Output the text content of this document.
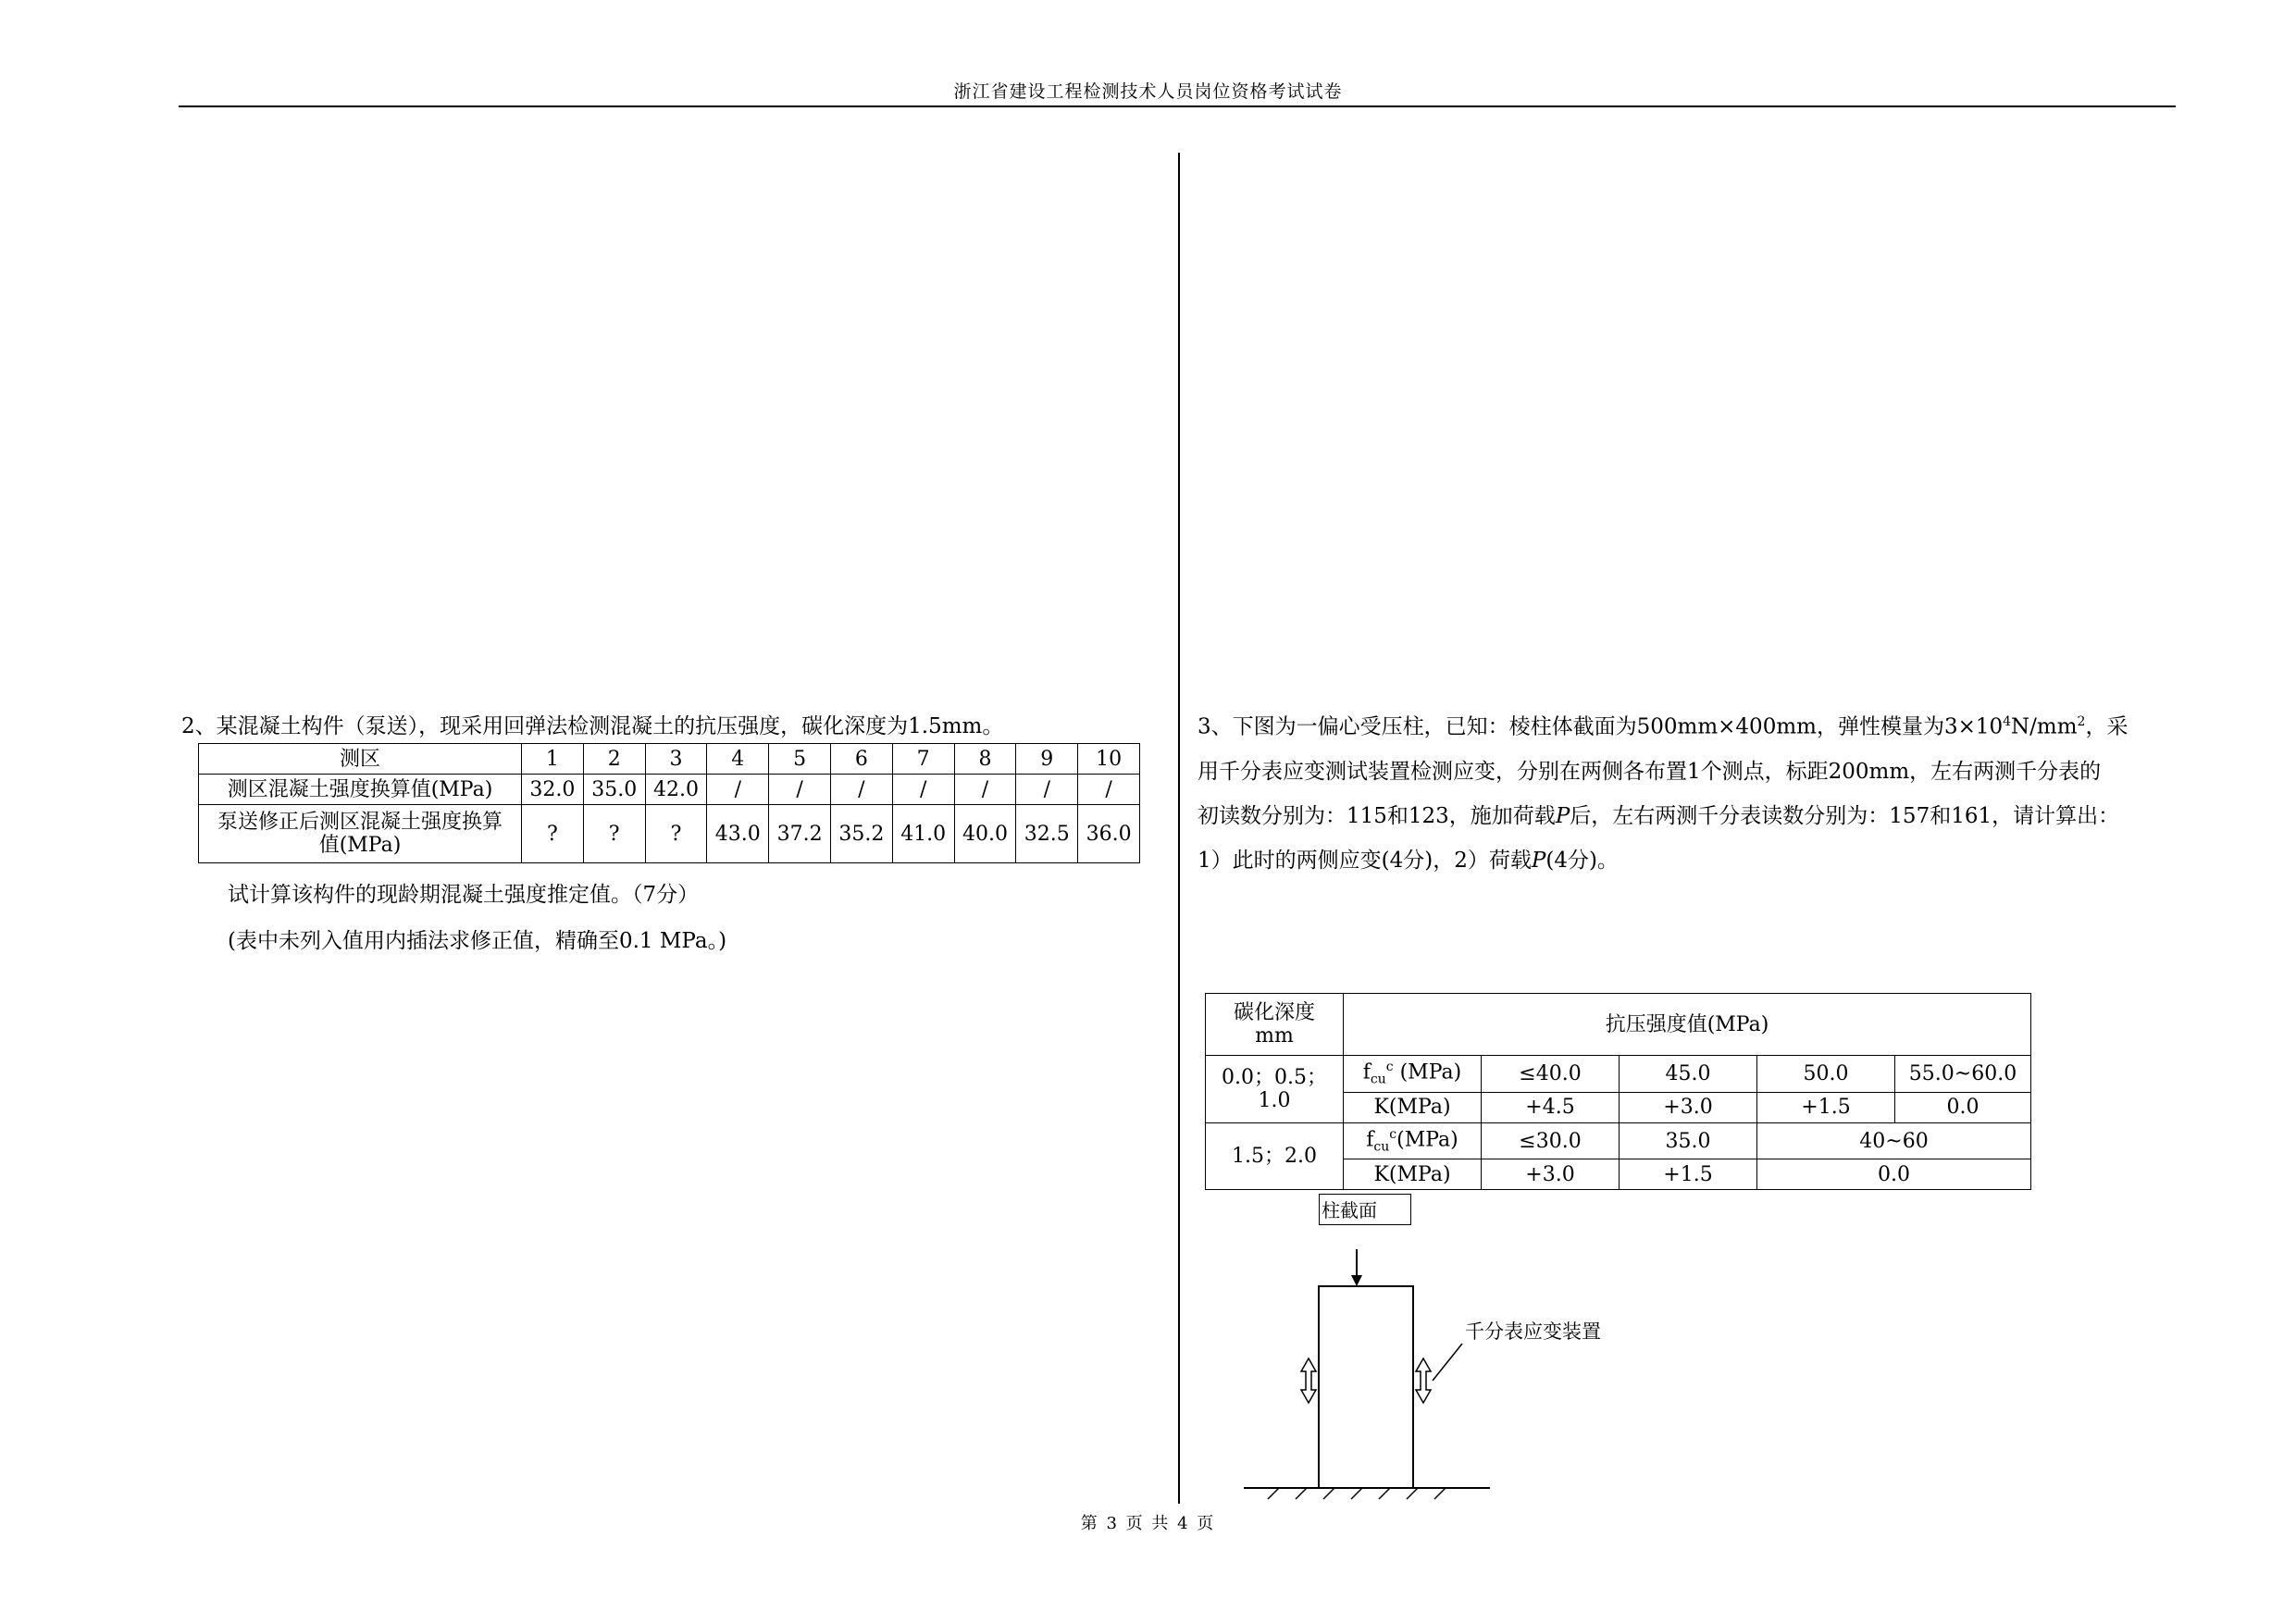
浙江省建设工程检测技术人员岗位资格考试试卷
2、某混凝土构件（泵送），现采用回弹法检测混凝土的抗压强度，碳化深度为1.5mm。
测区	1	2	3	4	5	6	7	8	9	10
测区混凝土强度换算值(MPa)	32.0	35.0	42.0	/	/	/	/	/	/	/
泵送修正后测区混凝土强度换算值(MPa)	?	?	?	43.0	37.2	35.2	41.0	40.0	32.5	36.0
试计算该构件的现龄期混凝土强度推定值。（7分）
(表中未列入值用内插法求修正值，精确至0.1 MPa。)
3、下图为一偏心受压柱，已知：棱柱体截面为500mm×400mm，弹性模量为$3\times 10^4N/mm^2$，采
用千分表应变测试装置检测应变，分别在两侧各布置1个测点，标距200mm，左右两测千分表的
初读数分别为：115和123，施加荷载P后，左右两测千分表读数分别为：157和161，请计算出：
1）此时的两侧应变(4分)，2）荷载P(4分)。
碳化深度
mm	抗压强度值(MPa)				

0.0；0.5；
1.0	$f_{cu}^c$ (MPa)	≤40.0	45.0	50.0	55.0~60.0
	K(MPa)	+4.5	+3.0	+1.5	0.0
1.5；2.0	$f_{cu}^c(MPa)$	≤30.0	35.0	40~60	
	K(MPa)	+3.0	+1.5	0.0	
柱截面
千分表应变装置
第 3 页 共 4 页
